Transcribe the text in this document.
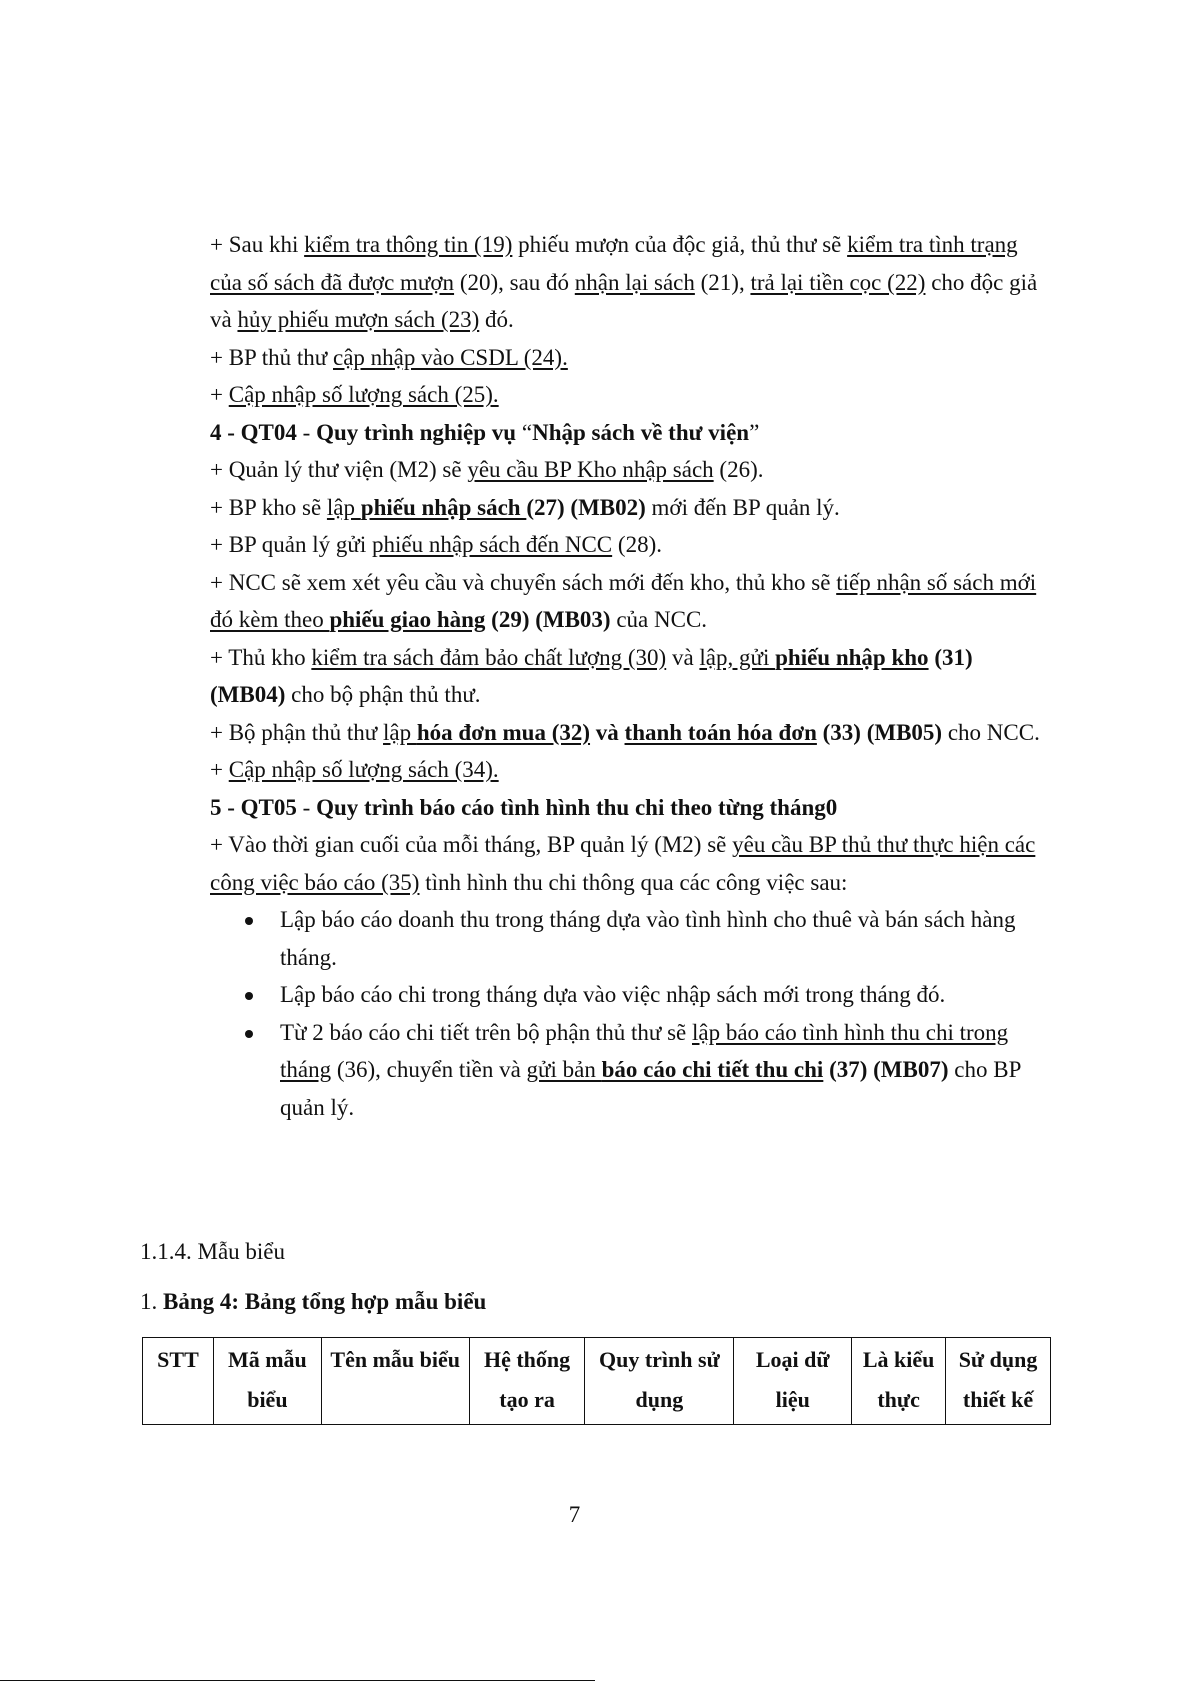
+ Sau khi kiểm tra thông tin (19) phiếu mượn của độc giả, thủ thư sẽ kiểm tra tình trạng của số sách đã được mượn (20), sau đó nhận lại sách (21), trả lại tiền cọc (22) cho độc giả và hủy phiếu mượn sách (23) đó.

+ BP thủ thư cập nhập vào CSDL (24).

+ Cập nhập số lượng sách (25).

4 - QT04 - Quy trình nghiệp vụ “Nhập sách về thư viện”

+ Quản lý thư viện (M2) sẽ yêu cầu BP Kho nhập sách (26).

+ BP kho sẽ lập phiếu nhập sách (27) (MB02) mới đến BP quản lý.

+ BP quản lý gửi phiếu nhập sách đến NCC (28).

+ NCC sẽ xem xét yêu cầu và chuyển sách mới đến kho, thủ kho sẽ tiếp nhận số sách mới đó kèm theo phiếu giao hàng (29) (MB03) của NCC.

+ Thủ kho kiểm tra sách đảm bảo chất lượng (30) và lập, gửi phiếu nhập kho (31) (MB04) cho bộ phận thủ thư.

+ Bộ phận thủ thư lập hóa đơn mua (32) và thanh toán hóa đơn (33) (MB05) cho NCC.

+ Cập nhập số lượng sách (34).

5 - QT05 - Quy trình báo cáo tình hình thu chi theo từng tháng0

+ Vào thời gian cuối của mỗi tháng, BP quản lý (M2) sẽ yêu cầu BP thủ thư thực hiện các công việc báo cáo (35) tình hình thu chi thông qua các công việc sau:

Lập báo cáo doanh thu trong tháng dựa vào tình hình cho thuê và bán sách hàng tháng.
Lập báo cáo chi trong tháng dựa vào việc nhập sách mới trong tháng đó.
Từ 2 báo cáo chi tiết trên bộ phận thủ thư sẽ lập báo cáo tình hình thu chi trong tháng (36), chuyển tiền và gửi bản báo cáo chi tiết thu chi (37) (MB07) cho BP quản lý.
1.1.4. Mẫu biểu
1. Bảng 4: Bảng tổng hợp mẫu biểu
STT	Mã mẫu biểu	Tên mẫu biểu	Hệ thống tạo ra	Quy trình sử dụng	Loại dữ liệu	Là kiểu thực	Sử dụng thiết kế
7
